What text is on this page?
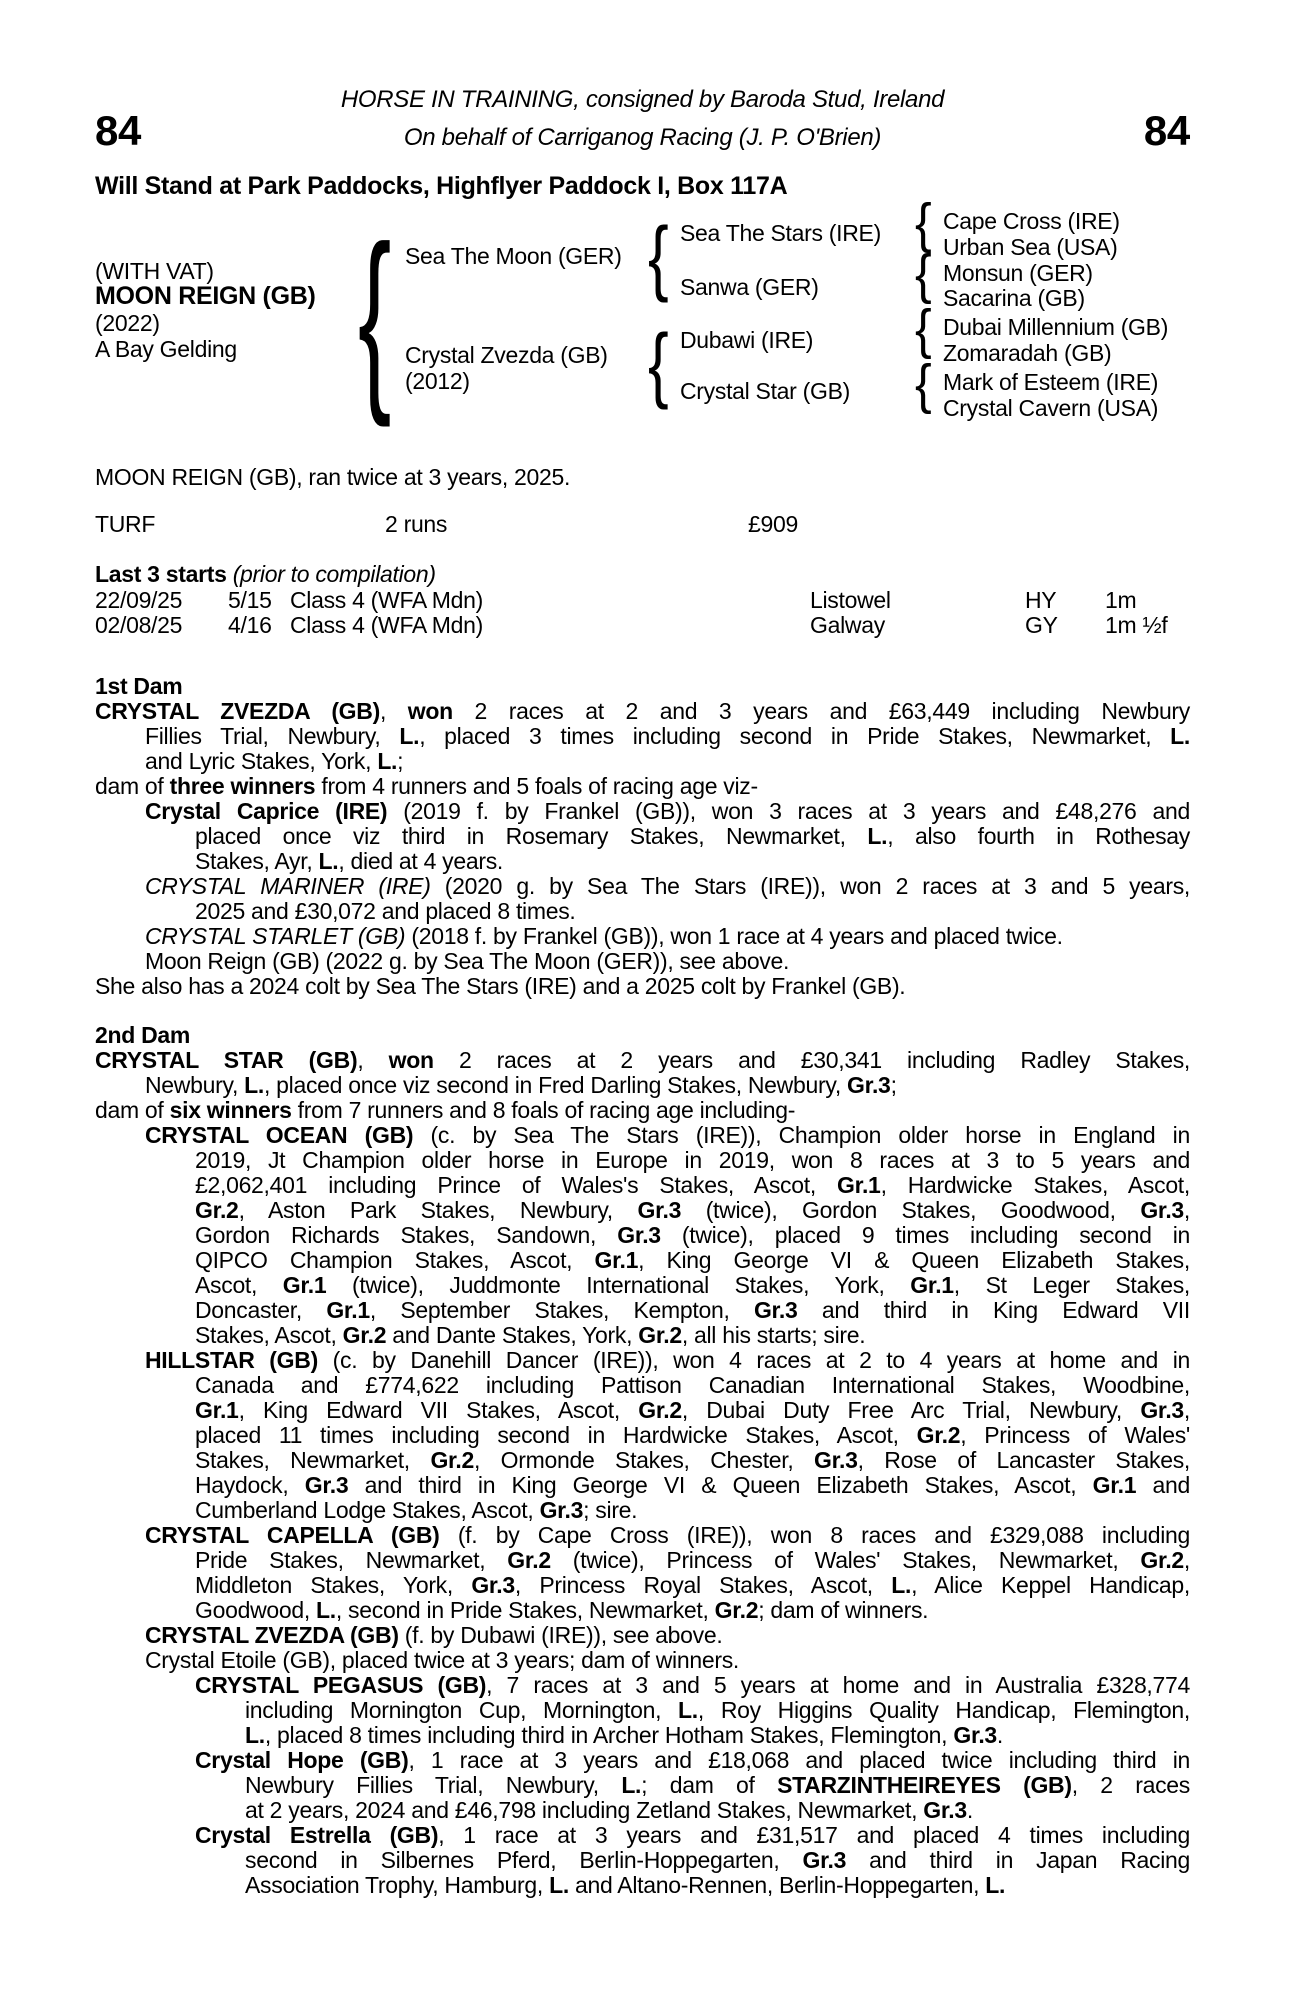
HORSE IN TRAINING, consigned by Baroda Stud, Ireland
84	84
On behalf of Carriganog Racing (J. P. O'Brien)
Will Stand at Park Paddocks, Highflyer Paddock I, Box 117A
(WITH VAT)
MOON REIGN (GB)
(2022)
A Bay Gelding
{
Sea The Moon (GER)
Crystal Zvezda (GB)
(2012)
{
{
Sea The Stars (IRE)
Sanwa (GER)
Dubawi (IRE)
Crystal Star (GB)
{
{
{
{
Cape Cross (IRE)
Urban Sea (USA)
Monsun (GER)
Sacarina (GB)
Dubai Millennium (GB)
Zomaradah (GB)
Mark of Esteem (IRE)
Crystal Cavern (USA)
MOON REIGN (GB), ran twice at 3 years, 2025.
TURF	2 runs	£909
Last 3 starts (prior to compilation)
22/09/25 5/15 Class 4 (WFA Mdn)	Listowel	HY 1m
02/08/25 4/16 Class 4 (WFA Mdn)	Galway	GY 1m ½f
1st Dam
CRYSTAL ZVEZDA (GB), won 2 races at 2 and 3 years and £63,449 including Newbury
Fillies Trial, Newbury, L., placed 3 times including second in Pride Stakes, Newmarket, L.
and Lyric Stakes, York, L.;
dam of three winners from 4 runners and 5 foals of racing age viz-
Crystal Caprice (IRE) (2019 f. by Frankel (GB)), won 3 races at 3 years and £48,276 and
placed once viz third in Rosemary Stakes, Newmarket, L., also fourth in Rothesay
Stakes, Ayr, L., died at 4 years.
CRYSTAL MARINER (IRE) (2020 g. by Sea The Stars (IRE)), won 2 races at 3 and 5 years,
2025 and £30,072 and placed 8 times.
CRYSTAL STARLET (GB) (2018 f. by Frankel (GB)), won 1 race at 4 years and placed twice.
Moon Reign (GB) (2022 g. by Sea The Moon (GER)), see above.
She also has a 2024 colt by Sea The Stars (IRE) and a 2025 colt by Frankel (GB).
2nd Dam
CRYSTAL STAR (GB), won 2 races at 2 years and £30,341 including Radley Stakes,
Newbury, L., placed once viz second in Fred Darling Stakes, Newbury, Gr.3;
dam of six winners from 7 runners and 8 foals of racing age including-
CRYSTAL OCEAN (GB) (c. by Sea The Stars (IRE)), Champion older horse in England in
2019, Jt Champion older horse in Europe in 2019, won 8 races at 3 to 5 years and
£2,062,401 including Prince of Wales's Stakes, Ascot, Gr.1, Hardwicke Stakes, Ascot,
Gr.2, Aston Park Stakes, Newbury, Gr.3 (twice), Gordon Stakes, Goodwood, Gr.3,
Gordon Richards Stakes, Sandown, Gr.3 (twice), placed 9 times including second in
QIPCO Champion Stakes, Ascot, Gr.1, King George VI & Queen Elizabeth Stakes,
Ascot, Gr.1 (twice), Juddmonte International Stakes, York, Gr.1, St Leger Stakes,
Doncaster, Gr.1, September Stakes, Kempton, Gr.3 and third in King Edward VII
Stakes, Ascot, Gr.2 and Dante Stakes, York, Gr.2, all his starts; sire.
HILLSTAR (GB) (c. by Danehill Dancer (IRE)), won 4 races at 2 to 4 years at home and in
Canada and £774,622 including Pattison Canadian International Stakes, Woodbine,
Gr.1, King Edward VII Stakes, Ascot, Gr.2, Dubai Duty Free Arc Trial, Newbury, Gr.3,
placed 11 times including second in Hardwicke Stakes, Ascot, Gr.2, Princess of Wales'
Stakes, Newmarket, Gr.2, Ormonde Stakes, Chester, Gr.3, Rose of Lancaster Stakes,
Haydock, Gr.3 and third in King George VI & Queen Elizabeth Stakes, Ascot, Gr.1 and
Cumberland Lodge Stakes, Ascot, Gr.3; sire.
CRYSTAL CAPELLA (GB) (f. by Cape Cross (IRE)), won 8 races and £329,088 including
Pride Stakes, Newmarket, Gr.2 (twice), Princess of Wales' Stakes, Newmarket, Gr.2,
Middleton Stakes, York, Gr.3, Princess Royal Stakes, Ascot, L., Alice Keppel Handicap,
Goodwood, L., second in Pride Stakes, Newmarket, Gr.2; dam of winners.
CRYSTAL ZVEZDA (GB) (f. by Dubawi (IRE)), see above.
Crystal Etoile (GB), placed twice at 3 years; dam of winners.
CRYSTAL PEGASUS (GB), 7 races at 3 and 5 years at home and in Australia £328,774
including Mornington Cup, Mornington, L., Roy Higgins Quality Handicap, Flemington,
L., placed 8 times including third in Archer Hotham Stakes, Flemington, Gr.3.
Crystal Hope (GB), 1 race at 3 years and £18,068 and placed twice including third in
Newbury Fillies Trial, Newbury, L.; dam of STARZINTHEIREYES (GB), 2 races
at 2 years, 2024 and £46,798 including Zetland Stakes, Newmarket, Gr.3.
Crystal Estrella (GB), 1 race at 3 years and £31,517 and placed 4 times including
second in Silbernes Pferd, Berlin-Hoppegarten, Gr.3 and third in Japan Racing
Association Trophy, Hamburg, L. and Altano-Rennen, Berlin-Hoppegarten, L.
